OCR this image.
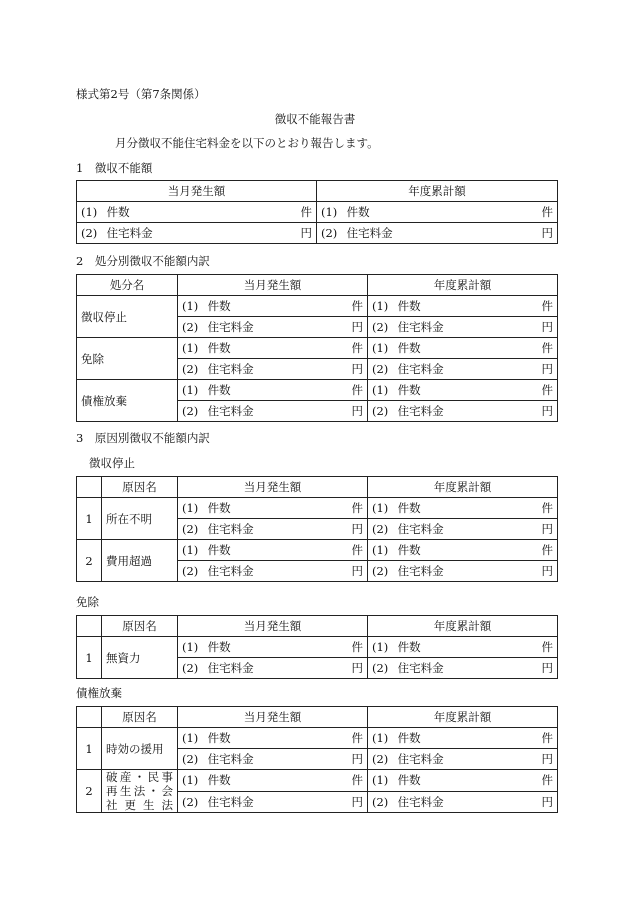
様式第2号（第7条関係）
徴収不能報告書
月分徴収不能住宅料金を以下のとおり報告します。
1　徴収不能額
当月発生額	年度累計額
(1) 件数 件	(1) 件数 件

(2) 住宅料金 円	(2) 住宅料金 円
2　処分別徴収不能額内訳
処分名	当月発生額	年度累計額
徴収停止	(1) 件数 件	(1) 件数 件

	(2) 住宅料金 円	(2) 住宅料金 円

免除	(1) 件数 件	(1) 件数 件

	(2) 住宅料金 円	(2) 住宅料金 円

債権放棄	(1) 件数 件	(1) 件数 件

	(2) 住宅料金 円	(2) 住宅料金 円
3　原因別徴収不能額内訳
徴収停止
	原因名	当月発生額	年度累計額
1	所在不明	(1) 件数 件	(1) 件数 件

		(2) 住宅料金 円	(2) 住宅料金 円

2	費用超過	(1) 件数 件	(1) 件数 件

		(2) 住宅料金 円	(2) 住宅料金 円
免除
	原因名	当月発生額	年度累計額
1	無資力	(1) 件数 件	(1) 件数 件

		(2) 住宅料金 円	(2) 住宅料金 円
債権放棄
	原因名	当月発生額	年度累計額
1	時効の援用	(1) 件数 件	(1) 件数 件

		(2) 住宅料金 円	(2) 住宅料金 円

2	破産・民事再生法・会社更生法	(1) 件数 件	(1) 件数 件

		(2) 住宅料金 円	(2) 住宅料金 円
